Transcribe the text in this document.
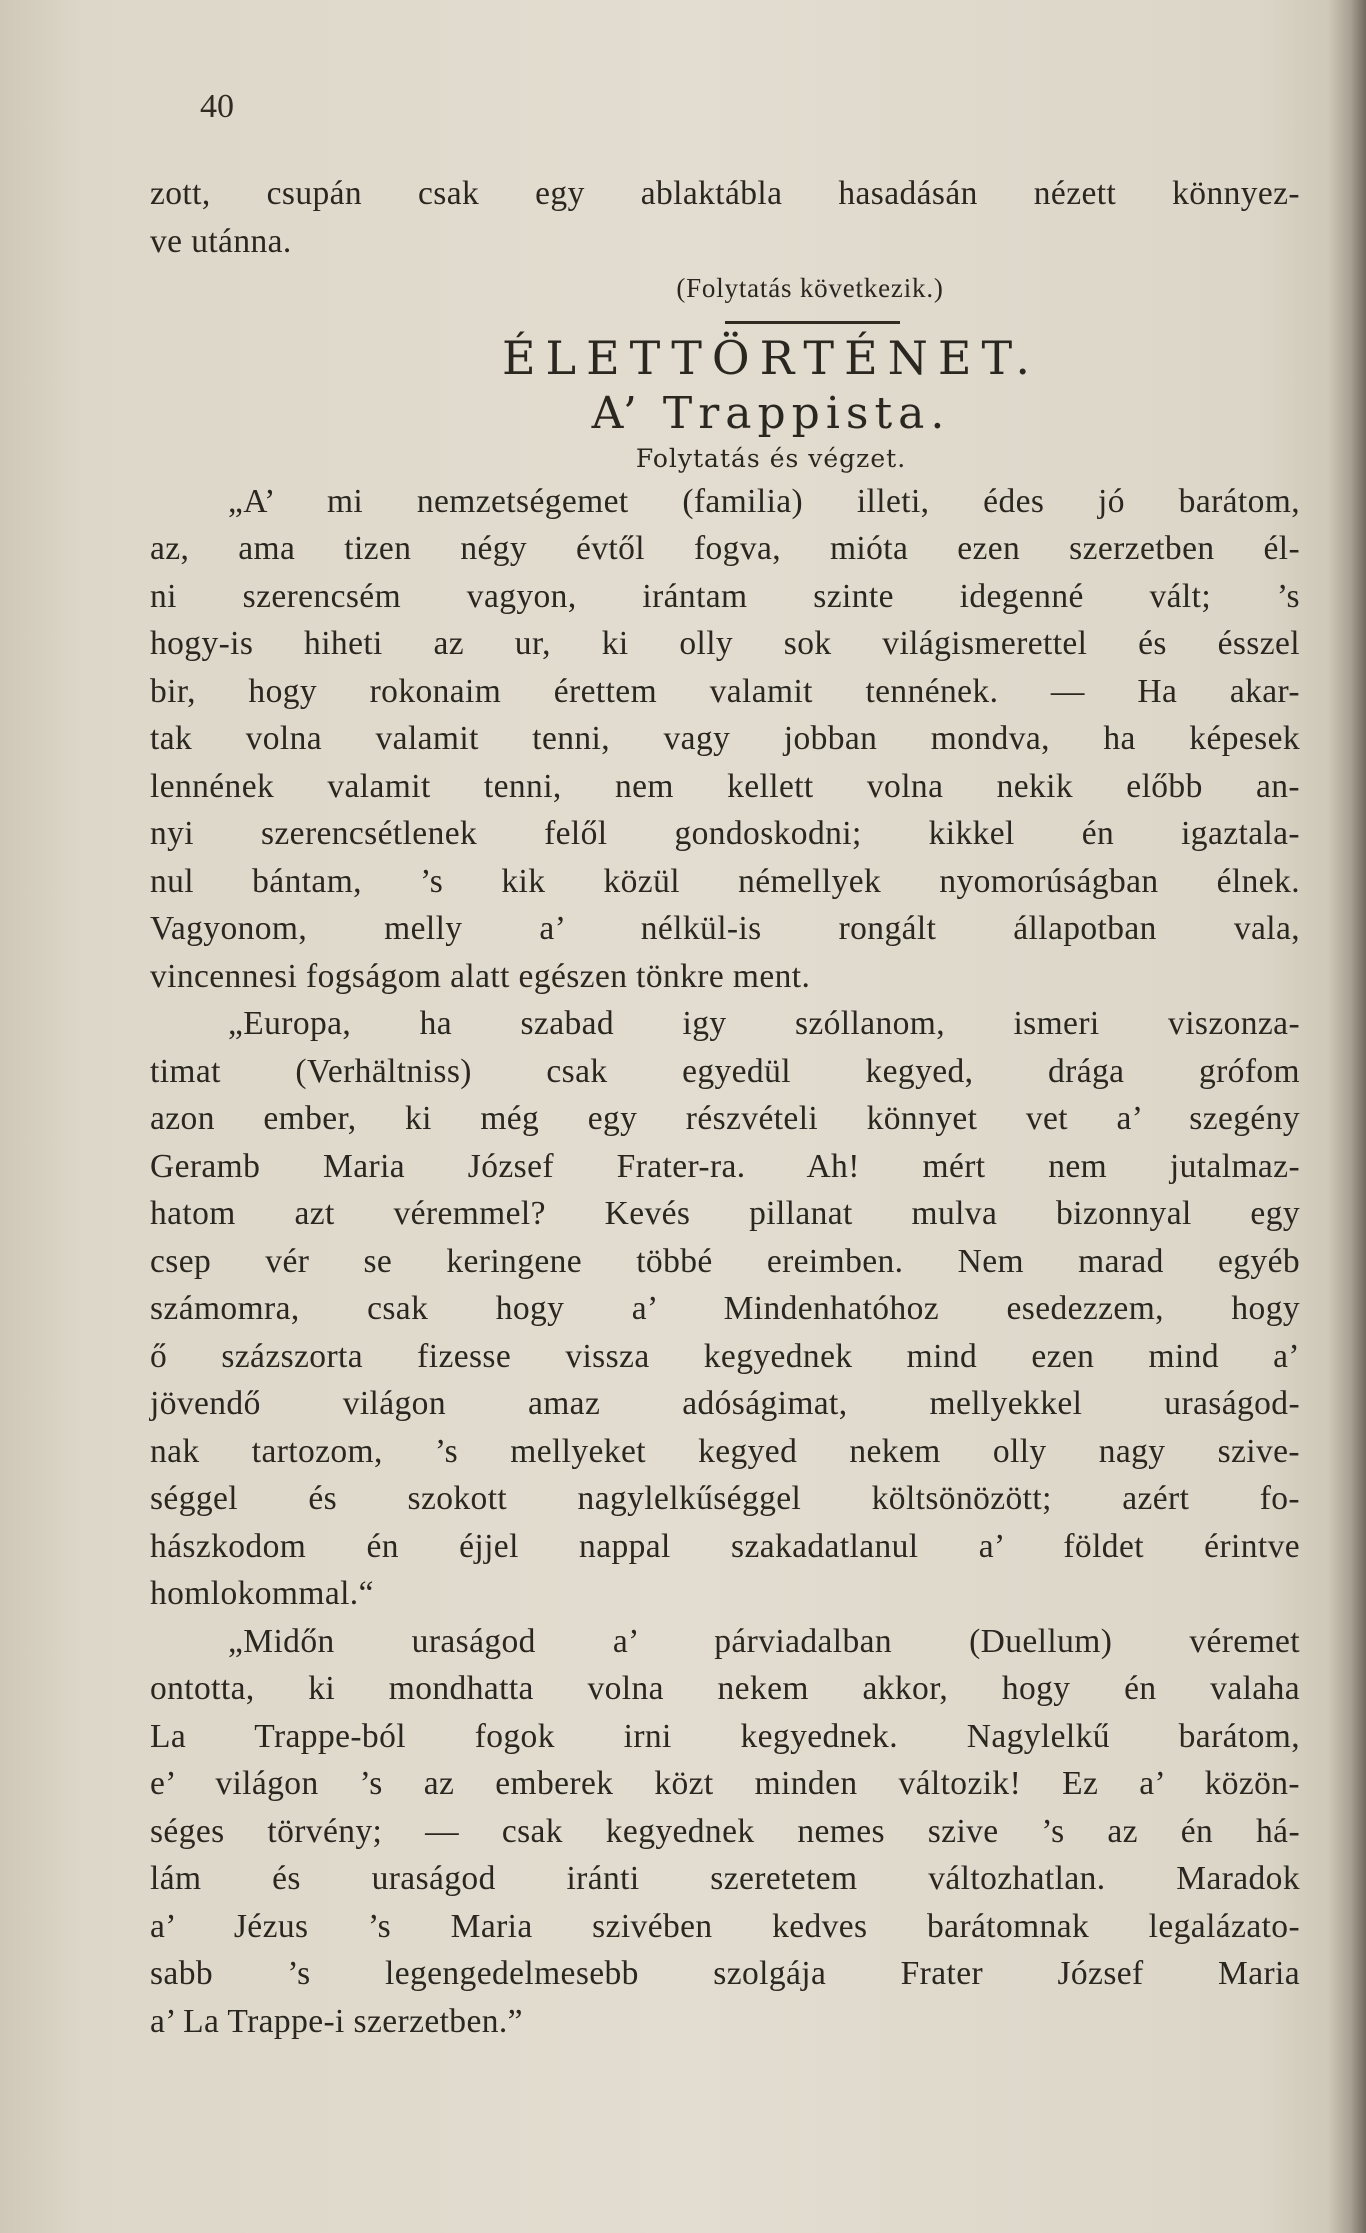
40
zott, csupán csak egy ablaktábla hasadásán nézett könnyez-
ve utánna.
(Folytatás következik.)
ÉLETTÖRTÉNET.
A’ Trappista.
Folytatás és végzet.
„A’ mi nemzetségemet (familia) illeti, édes jó barátom,
az, ama tizen négy évtől fogva, mióta ezen szerzetben él-
ni szerencsém vagyon, irántam szinte idegenné vált; ’s
hogy-is hiheti az ur, ki olly sok világismerettel és ésszel
bir, hogy rokonaim érettem valamit tennének. — Ha akar-
tak volna valamit tenni, vagy jobban mondva, ha képesek
lennének valamit tenni, nem kellett volna nekik előbb an-
nyi szerencsétlenek felől gondoskodni; kikkel én igaztala-
nul bántam, ’s kik közül némellyek nyomorúságban élnek.
Vagyonom, melly a’ nélkül-is rongált állapotban vala,
vincennesi fogságom alatt egészen tönkre ment.
„Europa, ha szabad igy szóllanom, ismeri viszonza-
timat (Verhältniss) csak egyedül kegyed, drága grófom
azon ember, ki még egy részvételi könnyet vet a’ szegény
Geramb Maria József Frater-ra. Ah! mért nem jutalmaz-
hatom azt véremmel? Kevés pillanat mulva bizonnyal egy
csep vér se keringene többé ereimben. Nem marad egyéb
számomra, csak hogy a’ Mindenhatóhoz esedezzem, hogy
ő százszorta fizesse vissza kegyednek mind ezen mind a’
jövendő világon amaz adóságimat, mellyekkel uraságod-
nak tartozom, ’s mellyeket kegyed nekem olly nagy szive-
séggel és szokott nagylelkűséggel költsönözött; azért fo-
hászkodom én éjjel nappal szakadatlanul a’ földet érintve
homlokommal.“
„Midőn uraságod a’ párviadalban (Duellum) véremet
ontotta, ki mondhatta volna nekem akkor, hogy én valaha
La Trappe-ból fogok irni kegyednek. Nagylelkű barátom,
e’ világon ’s az emberek közt minden változik! Ez a’ közön-
séges törvény; — csak kegyednek nemes szive ’s az én há-
lám és uraságod iránti szeretetem változhatlan. Maradok
a’ Jézus ’s Maria szivében kedves barátomnak legalázato-
sabb ’s legengedelmesebb szolgája Frater József Maria
a’ La Trappe-i szerzetben.”
